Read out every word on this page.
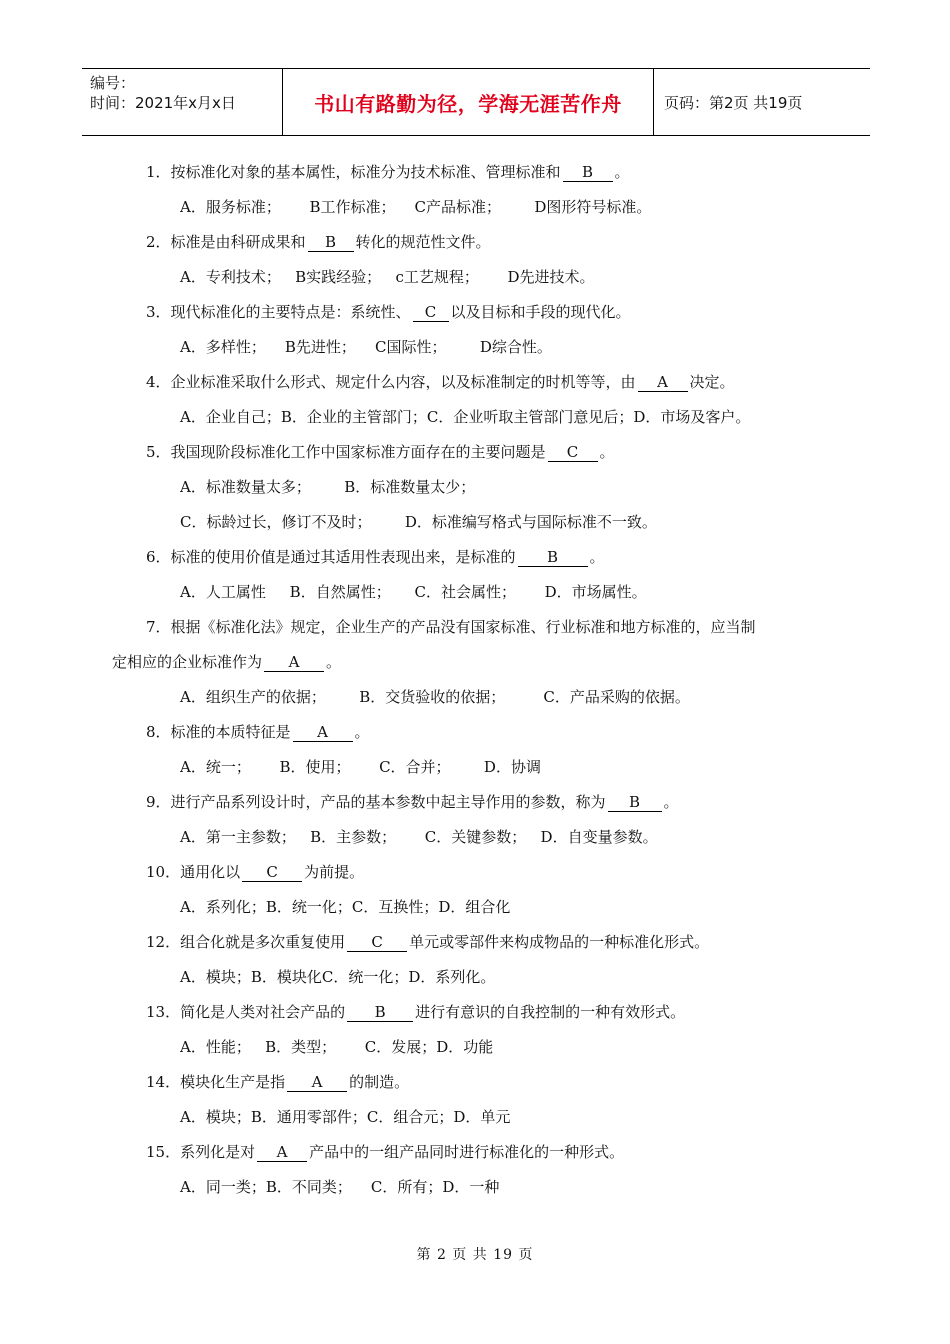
编号：
时间：2021年x月x日	书山有路勤为径，学海无涯苦作舟	页码：第2页 共19页
1．按标准化对象的基本属性，标准分为技术标准、管理标准和 B 。
A．服务标准；      B工作标准；    C产品标准；       D图形符号标准。
2．标准是由科研成果和 B 转化的规范性文件。
A．专利技术；   B实践经验；   c工艺规程；      D先进技术。
3．现代标准化的主要特点是：系统性、 C 以及目标和手段的现代化。
A．多样性；    B先进性；    C国际性；       D综合性。
4．企业标准采取什么形式、规定什么内容，以及标准制定的时机等等，由 A 决定。
A．企业自己；B．企业的主管部门；C．企业听取主管部门意见后；D．市场及客户。
5．我国现阶段标准化工作中国家标准方面存在的主要问题是 C 。
A．标准数量太多；       B．标准数量太少；
C．标龄过长，修订不及时；       D．标准编写格式与国际标准不一致。
6．标准的使用价值是通过其适用性表现出来，是标准的 B 。
A．人工属性     B．自然属性；     C．社会属性；      D．市场属性。
7．根据《标准化法》规定，企业生产的产品没有国家标准、行业标准和地方标准的，应当制
定相应的企业标准作为 A 。
A．组织生产的依据；       B．交货验收的依据；        C．产品采购的依据。
8．标准的本质特征是 A 。
A．统一；      B．使用；      C．合并；       D．协调
9．进行产品系列设计时，产品的基本参数中起主导作用的参数，称为 B 。
A．第一主参数；   B．主参数；      C．关键参数；   D．自变量参数。
10．通用化以 C 为前提。
A．系列化；B．统一化；C．互换性；D．组合化
12．组合化就是多次重复使用 C 单元或零部件来构成物品的一种标准化形式。
A．模块；B．模块化C．统一化；D．系列化。
13．简化是人类对社会产品的 B 进行有意识的自我控制的一种有效形式。
A．性能；   B．类型；      C．发展；D．功能
14．模块化生产是指 A 的制造。
A．模块；B．通用零部件；C．组合元；D．单元
15．系列化是对 A 产品中的一组产品同时进行标准化的一种形式。
A．同一类；B．不同类；    C．所有；D．一种
第 2 页 共 19 页
